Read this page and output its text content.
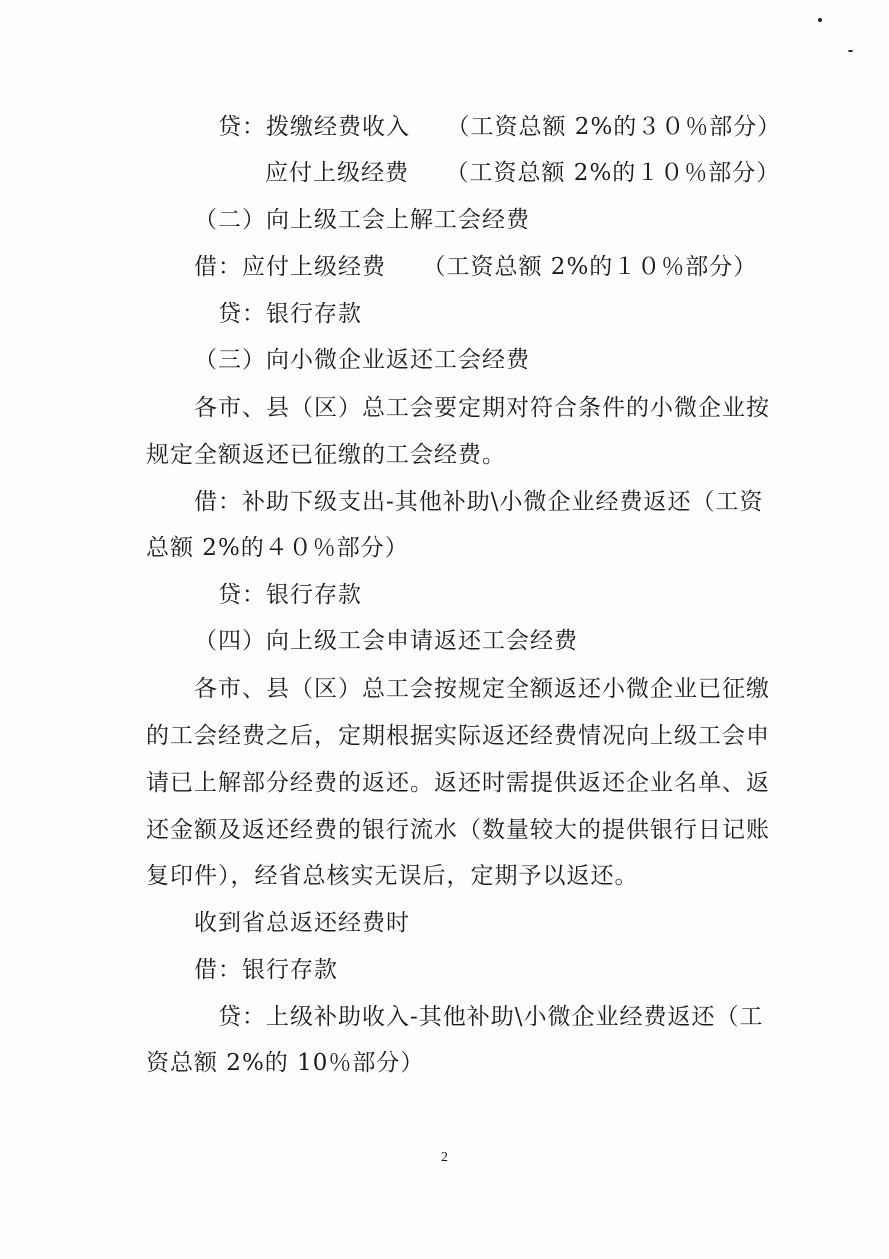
贷：拨缴经费收入　　（工资总额 2%的３０％部分）
应付上级经费　　（工资总额 2%的１０％部分）
（二）向上级工会上解工会经费
借：应付上级经费　　（工资总额 2%的１０％部分）
贷：银行存款
（三）向小微企业返还工会经费
各市、县（区）总工会要定期对符合条件的小微企业按
规定全额返还已征缴的工会经费。
借：补助下级支出-其他补助\小微企业经费返还（工资
总额 2%的４０％部分）
贷：银行存款
（四）向上级工会申请返还工会经费
各市、县（区）总工会按规定全额返还小微企业已征缴
的工会经费之后，定期根据实际返还经费情况向上级工会申
请已上解部分经费的返还。返还时需提供返还企业名单、返
还金额及返还经费的银行流水（数量较大的提供银行日记账
复印件），经省总核实无误后，定期予以返还。
收到省总返还经费时
借：银行存款
贷：上级补助收入-其他补助\小微企业经费返还（工
资总额 2%的 10％部分）
2
